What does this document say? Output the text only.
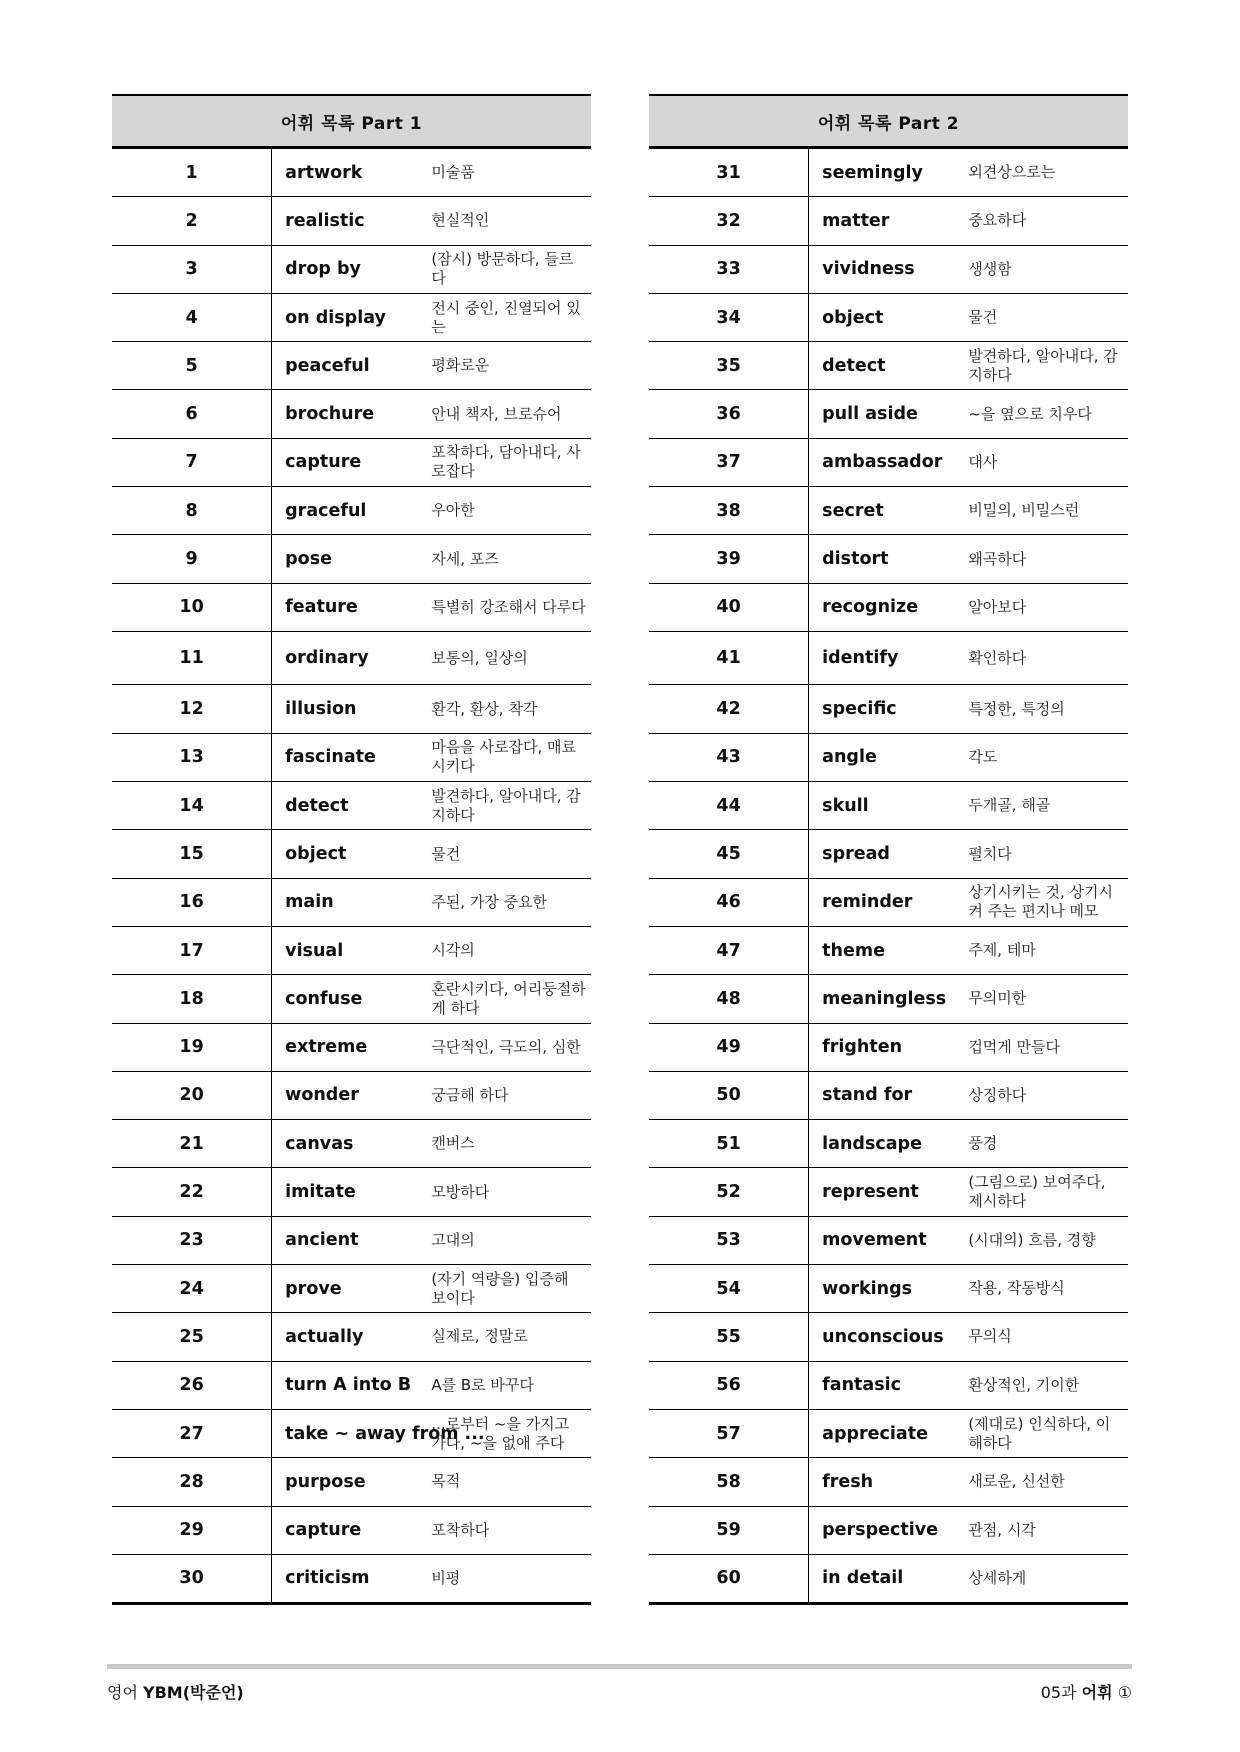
어휘 목록 Part 1		
1	artwork	미술품
2	realistic	현실적인
3	drop by	(잠시) 방문하다, 들르다
4	on display	전시 중인, 진열되어 있는
5	peaceful	평화로운
6	brochure	안내 책자, 브로슈어
7	capture	포착하다, 담아내다, 사로잡다
8	graceful	우아한
9	pose	자세, 포즈
10	feature	특별히 강조해서 다루다
11	ordinary	보통의, 일상의
12	illusion	환각, 환상, 착각
13	fascinate	마음을 사로잡다, 매료시키다
14	detect	발견하다, 알아내다, 감지하다
15	object	물건
16	main	주된, 가장 중요한
17	visual	시각의
18	confuse	혼란시키다, 어리둥절하게 하다
19	extreme	극단적인, 극도의, 심한
20	wonder	궁금해 하다
21	canvas	캔버스
22	imitate	모방하다
23	ancient	고대의
24	prove	(자기 역량을) 입증해 보이다
25	actually	실제로, 정말로
26	turn A into B	A를 B로 바꾸다
27	take ~ away from ...	...로부터 ~을 가지고 가다, ~을 없애 주다
28	purpose	목적
29	capture	포착하다
30	criticism	비평
어휘 목록 Part 2		
31	seemingly	외견상으로는
32	matter	중요하다
33	vividness	생생함
34	object	물건
35	detect	발견하다, 알아내다, 감지하다
36	pull aside	~을 옆으로 치우다
37	ambassador	대사
38	secret	비밀의, 비밀스런
39	distort	왜곡하다
40	recognize	알아보다
41	identify	확인하다
42	specific	특정한, 특정의
43	angle	각도
44	skull	두개골, 해골
45	spread	펼치다
46	reminder	상기시키는 것, 상기시켜 주는 편지나 메모
47	theme	주제, 테마
48	meaningless	무의미한
49	frighten	겁먹게 만들다
50	stand for	상징하다
51	landscape	풍경
52	represent	(그림으로) 보여주다, 제시하다
53	movement	(시대의) 흐름, 경향
54	workings	작용, 작동방식
55	unconscious	무의식
56	fantasic	환상적인, 기이한
57	appreciate	(제대로) 인식하다, 이해하다
58	fresh	새로운, 신선한
59	perspective	관점, 시각
60	in detail	상세하게
영어 YBM(박준언)	05과 어휘 ①
